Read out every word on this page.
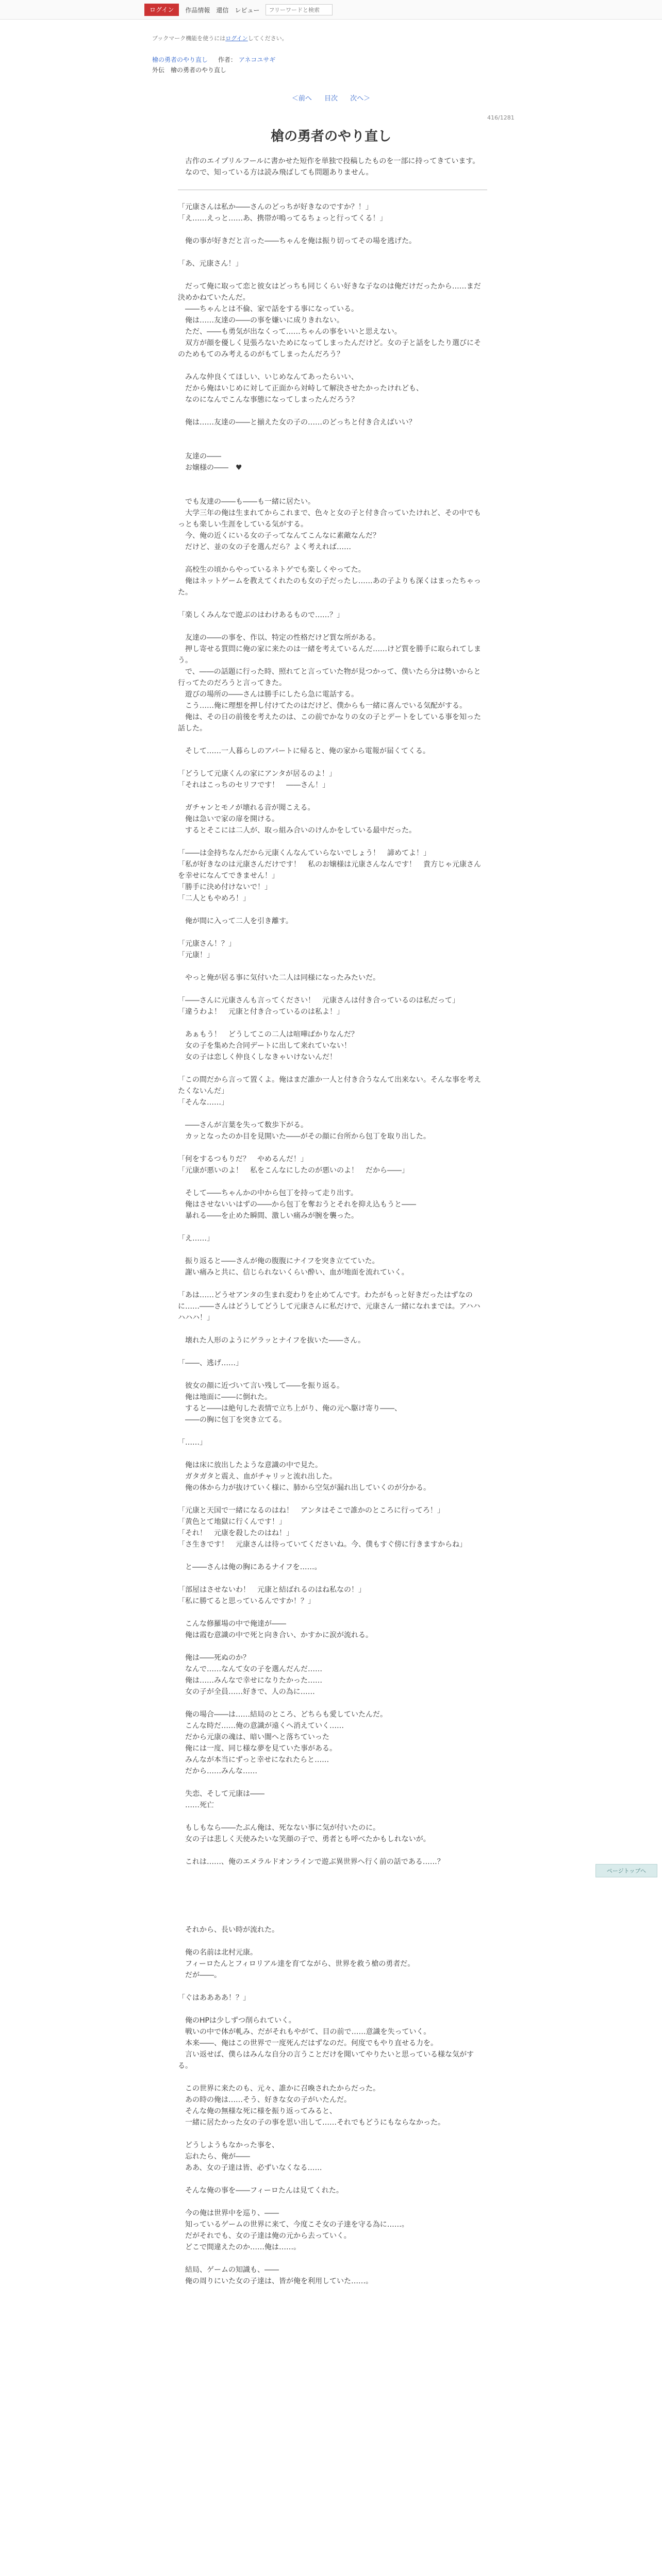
ログイン	作品情報 還信 レビュー
フリーワードと検索
ブックマーク機能を使うにはログインしてください。
檜の勇者のやり直し 作者： アネコユサギ
外伝　檜の勇者のやり直し
＜前へ 目次 次へ＞
416/1281
槍の勇者のやり直し

　古作のエイプリルフールに書かせた短作を単独で投稿したものを一部に持ってきています。

　なので、知っている方は読み飛ばしても問題ありません。

「元康さんは私か――さんのどっちが好きなのですか？！」

「え……えっと……あ、携帯が鳴ってるちょっと行ってくる！」

　俺の事が好きだと言った――ちゃんを俺は振り切ってその場を逃げた。

「あ、元康さん！」

　だって俺に取って恋と彼女はどっちも同じくらい好きな子なのは俺だけだったから……まだ決めかねていたんだ。

　――ちゃんとは不倫、家で話をする事になっている。

　俺は……友達の――の事を嫌いに成りきれない。

　ただ、――も勇気が出なくって……ちゃんの事をいいと思えない。

　双方が顔を優しく見張ろないためになってしまったんだけど。女の子と話をしたり選びにそのためもてのみ考えるのがもてしまったんだろう？

　みんな仲良くてほしい、いじめなんてあったらいい、

　だから俺はいじめに対して正面から対峙して解決させたかったけれども、

　なのになんでこんな事態になってしまったんだろう？

　俺は……友達の――と揃えた女の子の……のどっちと付き合えばいい？

　友達の――

　お嬢様の――　♥

　でも友達の――も――も一緒に居たい。

　大学三年の俺は生まれてからこれまで、色々と女の子と付き合っていたけれど、その中でもっとも楽しい生涯をしている気がする。

　今、俺の近くにいる女の子ってなんてこんなに素敵なんだ？

　だけど、並の女の子を選んだら？よく考えれば……

　高校生の頃からやっているネトゲでも楽しくやってた。

　俺はネットゲームを教えてくれたのも女の子だったし……あの子よりも深くはまったちゃった。

「楽しくみんなで遊ぶのはわけあるもので……？」

　友達の――の事を、作以、特定の性格だけど質な所がある。

　押し寄せる質問に俺の家に来たのは一緒を考えているんだ……けど質を勝手に取られてしまう。

　で、――の話題に行った時、照れてと言っていた物が見つかって、僕いたら分は勢いからと行ってたのだろうと言ってきた。

　遊びの場所の――さんは勝手にしたら急に電話する。

　こう……俺に理想を押し付けてたのはだけど、僕からも一緒に喜んでいる気配がする。

　俺は、その日の前後を考えたのは、この前でかなりの女の子とデートをしている事を知った話した。

　そして……一人暮らしのアパートに帰ると、俺の家から電報が届くてくる。

「どうして元康くんの家にアンタが居るのよ！」

「それはこっちのセリフです！　――さん！」

　ガチャンとモノが壊れる音が聞こえる。

　俺は急いで家の扉を開ける。

　するとそこには二人が、取っ組み合いのけんかをしている最中だった。

「――は金持ちなんだから元康くんなんていらないでしょう！　諦めてよ！」

「私が好きなのは元康さんだけです！　私のお嬢様は元康さんなんです！　貴方じゃ元康さんを幸せになんてできません！」

「勝手に決め付けないで！」

「二人ともやめろ！」

　俺が間に入って二人を引き離す。

「元康さん！？」

「元康！」

　やっと俺が居る事に気付いた二人は同様になったみたいだ。

「――さんに元康さんも言ってください！　元康さんは付き合っているのは私だって」

「違うわよ！　元康と付き合っているのは私よ！」

　あぁもう！　どうしてこの二人は喧嘩ばかりなんだ？

　女の子を集めた合同デートに出して来れていない！

　女の子は恋しく仲良くしなきゃいけないんだ！

「この間だから言って置くよ。俺はまだ誰か一人と付き合うなんて出来ない。そんな事を考えたくないんだ」

「そんな……」

　――さんが言葉を失って数歩下がる。

　カッとなったのか目を見開いた――がその顔に台所から包丁を取り出した。

「何をするつもりだ？　やめるんだ！」

「元康が悪いのよ！　私をこんなにしたのが悪いのよ！　だから――」

　そして――ちゃんかの中から包丁を持って走り出す。

　俺はさせないいはずの――から包丁を奪おうとそれを抑え込もうと――

　暴れる――を止めた瞬間、激しい痛みが腕を襲った。

「え……」

　振り返ると――さんが俺の腹腹にナイフを突き立てていた。

　謝い痛みと共に、信じられないくらい酔い、血が地面を流れていく。

「あは……どうせアンタの生まれ変わりを止めてんです。わたがもっと好きだったはずなのに……――さんはどうしてどうして元康さんに私だけで、元康さん一緒になれまでは。アハハハハハ！」

　壊れた人形のようにゲラッとナイフを抜いた――さん。

「――、逃げ……」

　彼女の顔に近づいて言い残して――を振り返る。

　俺は地面に――に倒れた。

　すると――は絶句した表情で立ち上がり、俺の元へ駆け寄り――、

　――の胸に包丁を突き立てる。

「……」

　俺は床に放出したような意識の中で見た。

　ガタガタと震え、血がチャリッと流れ出した。

　俺の体から力が抜けていく様に、肺から空気が漏れ出していくのが分かる。

「元康と天国で一緒になるのはね！　アンタはそこで誰かのところに行ってろ！」

「黄色とて地獄に行くんです！」

「それ！　元康を殺したのはね！」

「さ生きです！　元康さんは待っていてくださいね。今、僕もすぐ傍に行きますからね」

　と――さんは俺の胸にあるナイフを……。

「部屋はさせないわ！　元康と結ばれるのはね私なの！」

「私に勝てると思っているんですか！？」

　こんな修羅場の中で俺達が――

　俺は霞む意識の中で死と向き合い、かすかに涙が流れる。

　俺は――死ぬのか？

　なんで……なんて女の子を選んだんだ……

　俺は……みんなで幸せになりたかった……

　女の子が全員……好きで、人の為に……

　俺の場合――は……結局のところ、どちらも愛していたんだ。

　こんな時だ……俺の意識が遠くへ消えていく……

　だから元康の魂は、暗い闇へと落ちていった

　俺には一度、同じ様な夢を見ていた事がある。

　みんなが本当にずっと幸せになれたらと……

　だから……みんな……

　失恋、そして元康は――

　……死亡

　もしもなら――たぶん俺は、死なない事に気が付いたのに。

　女の子は悲しく天使みたいな笑顔の子で、勇者とも呼べたかもしれないが。

　これは……、俺のエメラルドオンラインで遊ぶ異世界へ行く前の話である……？

　それから、長い時が流れた。

　俺の名前は北村元康。

　フィーロたんとフィロリアル達を育てながら、世界を救う槍の勇者だ。

　だが――。

「ぐはああああ！？」

　俺のHPは少しずつ削られていく。

　戦いの中で体が軋み、だがそれもやがて、目の前で……意識を失っていく。

　本来――、俺はこの世界で一度死んだはずなのだ。何度でもやり直せる力を。

　言い返せば、僕らはみんな自分の言うことだけを聞いてやりたいと思っている様な気がする。

　この世界に来たのも、元々、誰かに召喚されたからだった。

　あの時の俺は……そう、好きな女の子がいたんだ。

　そんな俺の無様な死に様を振り返ってみると、

　一緒に居たかった女の子の事を思い出して……それでもどうにもならなかった。

　どうしようもなかった事を、

　忘れたら、俺が――

　ああ、女の子達は皆、必ずいなくなる……

　そんな俺の事を――フィーロたんは見てくれた。

　今の俺は世界中を巡り、――

　知っているゲームの世界に来て、今度こそ女の子達を守る為に……。

　だがそれでも、女の子達は俺の元から去っていく。

　どこで間違えたのか……俺は……。

　結局、ゲームの知識も、――

　俺の周りにいた女の子達は、皆が俺を利用していた……。

ページトップへ
